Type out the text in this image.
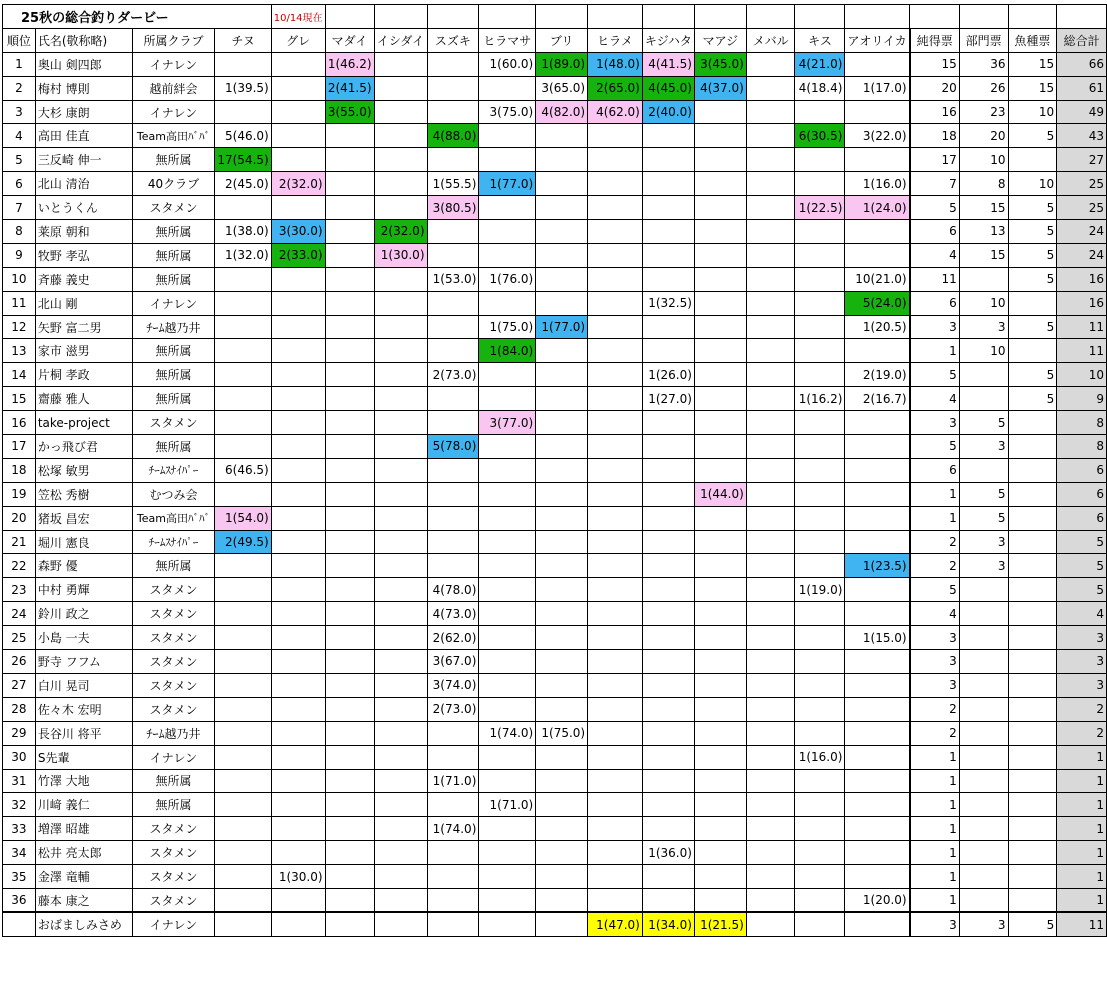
25秋の総合釣りダービー				10/14現在															
順位	氏名(敬称略)	所属クラブ	チヌ	グレ	マダイ	イシダイ	スズキ	ヒラマサ	ブリ	ヒラメ	キジハタ	マアジ	メバル	キス	アオリイカ	純得票	部門票	魚種票	総合計
1	奥山 剣四郎	イナレン			1(46.2)			1(60.0)	1(89.0)	1(48.0)	4(41.5)	3(45.0)		4(21.0)		15	36	15	66
2	梅村 博則	越前絆会	1(39.5)		2(41.5)				3(65.0)	2(65.0)	4(45.0)	4(37.0)		4(18.4)	1(17.0)	20	26	15	61
3	大杉 康朗	イナレン			3(55.0)			3(75.0)	4(82.0)	4(62.0)	2(40.0)					16	23	10	49
4	高田 佳直	Team高田ﾊﾞﾊﾞ	5(46.0)				4(88.0)							6(30.5)	3(22.0)	18	20	5	43
5	三反崎 伸一	無所属	17(54.5)													17	10		27
6	北山 清治	40クラブ	2(45.0)	2(32.0)			1(55.5)	1(77.0)							1(16.0)	7	8	10	25
7	いとうくん	スタメン					3(80.5)							1(22.5)	1(24.0)	5	15	5	25
8	莱原 朝和	無所属	1(38.0)	3(30.0)		2(32.0)										6	13	5	24
9	牧野 孝弘	無所属	1(32.0)	2(33.0)		1(30.0)										4	15	5	24
10	斉藤 義史	無所属					1(53.0)	1(76.0)							10(21.0)	11		5	16
11	北山 剛	イナレン									1(32.5)				5(24.0)	6	10		16
12	矢野 富二男	ﾁｰﾑ越乃井						1(75.0)	1(77.0)						1(20.5)	3	3	5	11
13	家市 滋男	無所属						1(84.0)								1	10		11
14	片桐 孝政	無所属					2(73.0)				1(26.0)				2(19.0)	5		5	10
15	齋藤 雅人	無所属									1(27.0)			1(16.2)	2(16.7)	4		5	9
16	take-project	スタメン						3(77.0)								3	5		8
17	かっ飛び君	無所属					5(78.0)									5	3		8
18	松塚 敏男	ﾁｰﾑｽﾅｲﾊﾟｰ	6(46.5)													6			6
19	笠松 秀樹	むつみ会										1(44.0)				1	5		6
20	猪坂 昌宏	Team高田ﾊﾞﾊﾞ	1(54.0)													1	5		6
21	堀川 憲良	ﾁｰﾑｽﾅｲﾊﾟｰ	2(49.5)													2	3		5
22	森野 優	無所属													1(23.5)	2	3		5
23	中村 勇輝	スタメン					4(78.0)							1(19.0)		5			5
24	鈴川 政之	スタメン					4(73.0)									4			4
25	小島 一夫	スタメン					2(62.0)								1(15.0)	3			3
26	野寺 フフム	スタメン					3(67.0)									3			3
27	白川 晃司	スタメン					3(74.0)									3			3
28	佐々木 宏明	スタメン					2(73.0)									2			2
29	長谷川 将平	ﾁｰﾑ越乃井						1(74.0)	1(75.0)							2			2
30	S先輩	イナレン												1(16.0)		1			1
31	竹澤 大地	無所属					1(71.0)									1			1
32	川﨑 義仁	無所属						1(71.0)								1			1
33	増澤 昭雄	スタメン					1(74.0)									1			1
34	松井 亮太郎	スタメン									1(36.0)					1			1
35	金澤 竜輔	スタメン		1(30.0)												1			1
36	藤本 康之	スタメン													1(20.0)	1			1
	おばましみさめ	イナレン								1(47.0)	1(34.0)	1(21.5)				3	3	5	11
